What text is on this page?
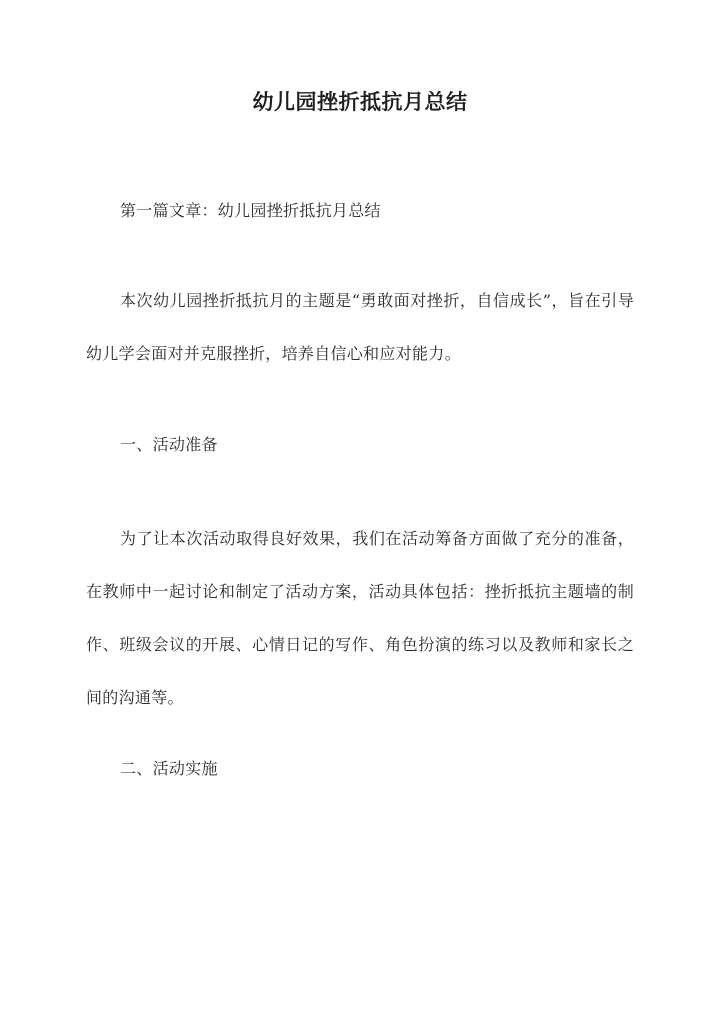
幼儿园挫折抵抗月总结
第一篇文章：幼儿园挫折抵抗月总结

本次幼儿园挫折抵抗月的主题是“勇敢面对挫折，自信成长”，旨在引导幼儿学会面对并克服挫折，培养自信心和应对能力。

一、活动准备

为了让本次活动取得良好效果，我们在活动筹备方面做了充分的准备，在教师中一起讨论和制定了活动方案，活动具体包括：挫折抵抗主题墙的制作、班级会议的开展、心情日记的写作、角色扮演的练习以及教师和家长之间的沟通等。

二、活动实施
